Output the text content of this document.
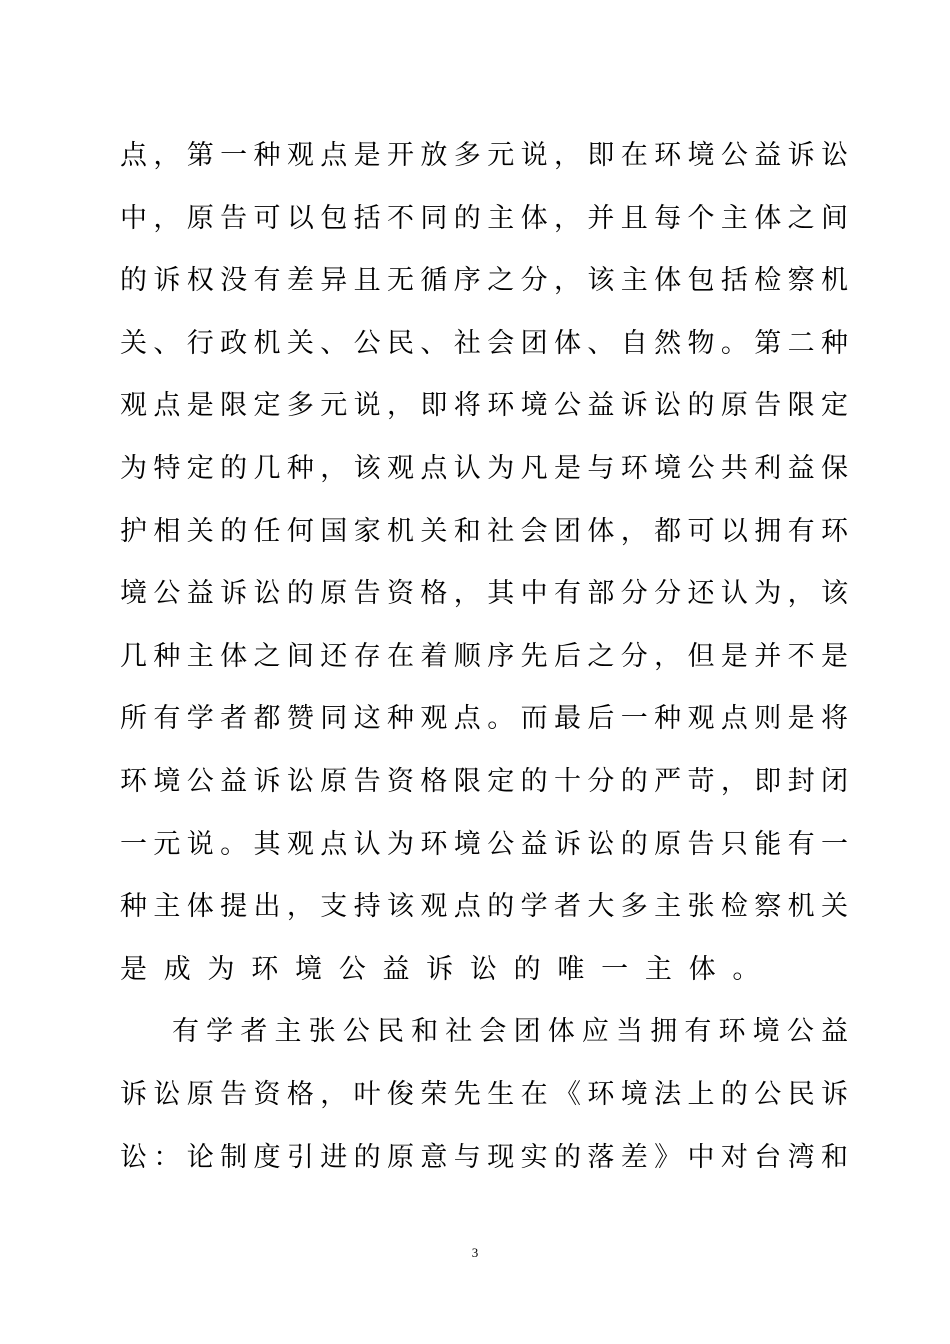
点，第一种观点是开放多元说，即在环境公益诉讼
中，原告可以包括不同的主体，并且每个主体之间
的诉权没有差异且无循序之分，该主体包括检察机
关、行政机关、公民、社会团体、自然物。第二种
观点是限定多元说，即将环境公益诉讼的原告限定
为特定的几种，该观点认为凡是与环境公共利益保
护相关的任何国家机关和社会团体，都可以拥有环
境公益诉讼的原告资格，其中有部分分还认为，该
几种主体之间还存在着顺序先后之分，但是并不是
所有学者都赞同这种观点。而最后一种观点则是将
环境公益诉讼原告资格限定的十分的严苛，即封闭
一元说。其观点认为环境公益诉讼的原告只能有一
种主体提出，支持该观点的学者大多主张检察机关
是成为环境公益诉讼的唯一主体。
有学者主张公民和社会团体应当拥有环境公益
诉讼原告资格，叶俊荣先生在《环境法上的公民诉
讼：论制度引进的原意与现实的落差》中对台湾和
3
